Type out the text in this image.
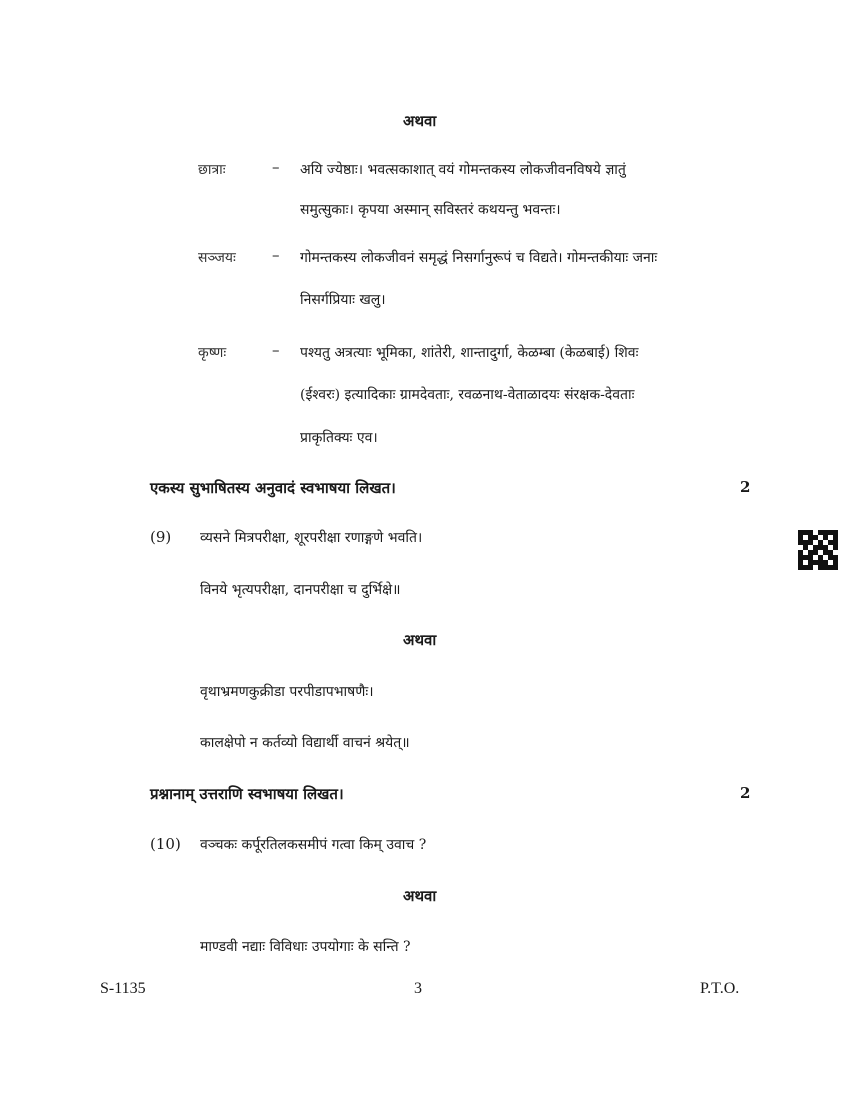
अथवा
छात्राः	– अयि ज्येष्ठाः। भवत्सकाशात् वयं गोमन्तकस्य लोकजीवनविषये ज्ञातुं
समुत्सुकाः। कृपया अस्मान् सविस्तरं कथयन्तु भवन्तः।
सञ्जयः – गोमन्तकस्य लोकजीवनं समृद्धं निसर्गानुरूपं च विद्यते। गोमन्तकीयाः जनाः
निसर्गप्रियाः खलु।
कृष्णः	– पश्यतु अत्रत्याः भूमिका, शांतेरी, शान्तादुर्गा, केळम्बा (केळबाई) शिवः
(ईश्वरः) इत्यादिकाः ग्रामदेवताः, रवळनाथ-वेताळादयः संरक्षक-देवताः
प्राकृतिक्यः एव।
एकस्य सुभाषितस्य अनुवादं स्वभाषया लिखत।	2
(9) व्यसने मित्रपरीक्षा, शूरपरीक्षा रणाङ्गणे भवति।
विनये भृत्यपरीक्षा, दानपरीक्षा च दुर्भिक्षे॥
अथवा
वृथाभ्रमणकुक्रीडा परपीडापभाषणैः।
कालक्षेपो न कर्तव्यो विद्यार्थी वाचनं श्रयेत्॥
प्रश्नानाम् उत्तराणि स्वभाषया लिखत।	2
(10) वञ्चकः कर्पूरतिलकसमीपं गत्वा किम् उवाच ?
अथवा
माण्डवी नद्याः विविधाः उपयोगाः के सन्ति ?
S-1135	3	P.T.O.
